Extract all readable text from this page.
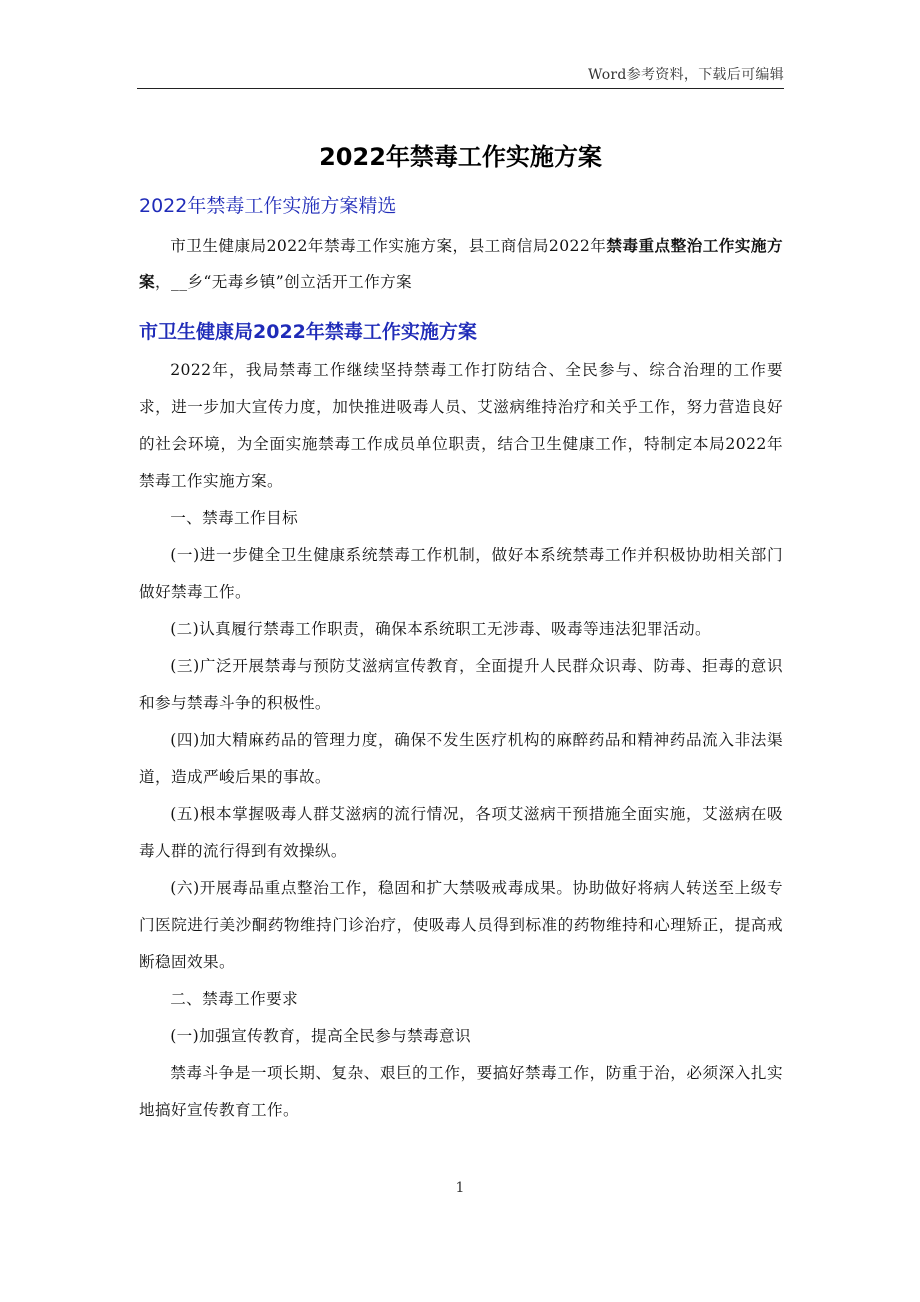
Word参考资料，下载后可编辑
2022年禁毒工作实施方案
2022年禁毒工作实施方案精选

市卫生健康局2022年禁毒工作实施方案，县工商信局2022年禁毒重点整治工作实施方案，__乡“无毒乡镇”创立活开工作方案

市卫生健康局2022年禁毒工作实施方案

2022年，我局禁毒工作继续坚持禁毒工作打防结合、全民参与、综合治理的工作要求，进一步加大宣传力度，加快推进吸毒人员、艾滋病维持治疗和关乎工作，努力营造良好的社会环境，为全面实施禁毒工作成员单位职责，结合卫生健康工作，特制定本局2022年禁毒工作实施方案。

一、禁毒工作目标

(一)进一步健全卫生健康系统禁毒工作机制，做好本系统禁毒工作并积极协助相关部门做好禁毒工作。

(二)认真履行禁毒工作职责，确保本系统职工无涉毒、吸毒等违法犯罪活动。

(三)广泛开展禁毒与预防艾滋病宣传教育，全面提升人民群众识毒、防毒、拒毒的意识和参与禁毒斗争的积极性。

(四)加大精麻药品的管理力度，确保不发生医疗机构的麻醉药品和精神药品流入非法渠道，造成严峻后果的事故。

(五)根本掌握吸毒人群艾滋病的流行情况，各项艾滋病干预措施全面实施，艾滋病在吸毒人群的流行得到有效操纵。

(六)开展毒品重点整治工作，稳固和扩大禁吸戒毒成果。协助做好将病人转送至上级专门医院进行美沙酮药物维持门诊治疗，使吸毒人员得到标准的药物维持和心理矫正，提高戒断稳固效果。

二、禁毒工作要求

(一)加强宣传教育，提高全民参与禁毒意识

禁毒斗争是一项长期、复杂、艰巨的工作，要搞好禁毒工作，防重于治，必须深入扎实地搞好宣传教育工作。

1
